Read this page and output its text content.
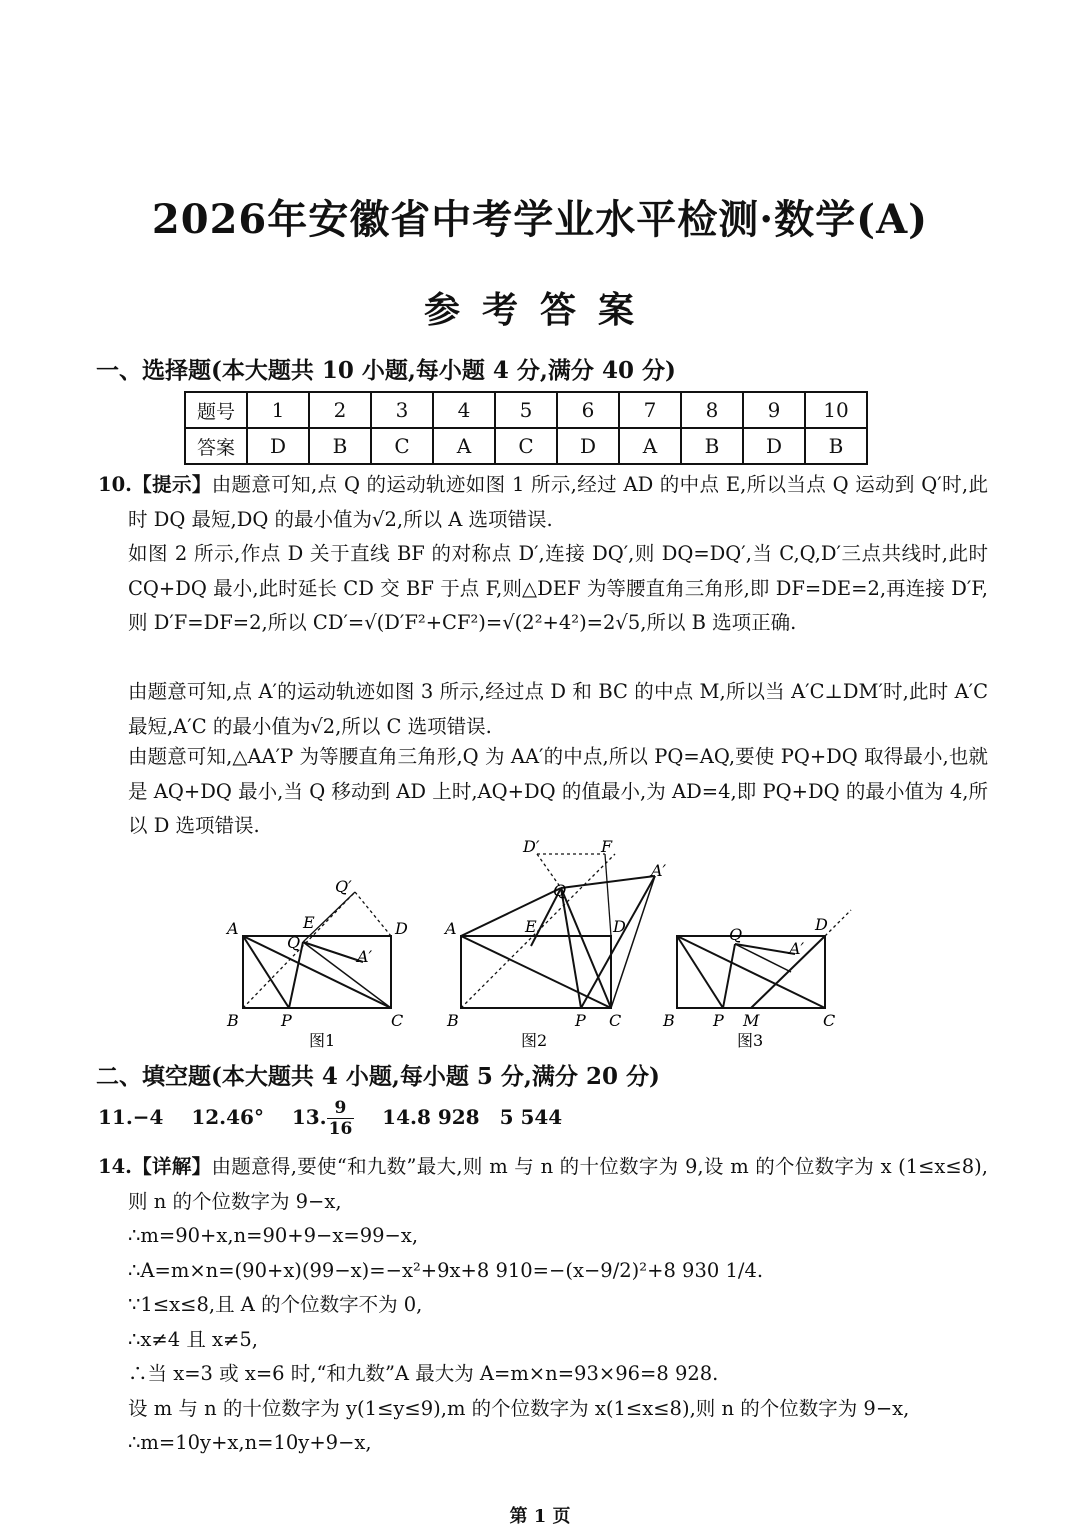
2026年安徽省中考学业水平检测·数学(A)
参考答案
一、选择题(本大题共 10 小题,每小题 4 分,满分 40 分)
题号	1	2	3	4	5	6	7	8	9	10
答案	D	B	C	A	C	D	A	B	D	B
10.【提示】由题意可知,点 Q 的运动轨迹如图 1 所示,经过 AD 的中点 E,所以当点 Q 运动到 Q′时,此时 DQ 最短,DQ 的最小值为√2,所以 A 选项错误.
如图 2 所示,作点 D 关于直线 BF 的对称点 D′,连接 DQ′,则 DQ=DQ′,当 C,Q,D′三点共线时,此时 CQ+DQ 最小,此时延长 CD 交 BF 于点 F,则△DEF 为等腰直角三角形,即 DF=DE=2,再连接 D′F,则 D′F=DF=2,所以 CD′=√(D′F²+CF²)=√(2²+4²)=2√5,所以 B 选项正确.
由题意可知,点 A′的运动轨迹如图 3 所示,经过点 D 和 BC 的中点 M,所以当 A′C⊥DM′时,此时 A′C 最短,A′C 的最小值为√2,所以 C 选项错误.
由题意可知,△AA′P 为等腰直角三角形,Q 为 AA′的中点,所以 PQ=AQ,要使 PQ+DQ 取得最小,也就是 AQ+DQ 最小,当 Q 移动到 AD 上时,AQ+DQ 的值最小,为 AD=4,即 PQ+DQ 的最小值为 4,所以 D 选项错误.
A	E
Q′
D
Q
A′
B	P	C
图1
D′	F
Q
A′
A	E	D
B	P C
图2
D
Q
A′
B P M	C
图3
二、填空题(本大题共 4 小题,每小题 5 分,满分 20 分)
11.−4 12.46° 13. $\frac{9}{16} 14.8$ 928　5 544
14.【详解】由题意得,要使“和九数”最大,则 m 与 n 的十位数字为 9,设 m 的个位数字为 x (1≤x≤8),则 n 的个位数字为 9−x,
∴m=90+x,n=90+9−x=99−x,
∴A=m×n=(90+x)(99−x)=−x²+9x+8 910=−(x−9/2)²+8 930 1/4.
∵1≤x≤8,且 A 的个位数字不为 0,
∴x≠4 且 x≠5,
∴当 x=3 或 x=6 时,“和九数”A 最大为 A=m×n=93×96=8 928.
设 m 与 n 的十位数字为 y(1≤y≤9),m 的个位数字为 x(1≤x≤8),则 n 的个位数字为 9−x,
∴m=10y+x,n=10y+9−x,
第 1 页
